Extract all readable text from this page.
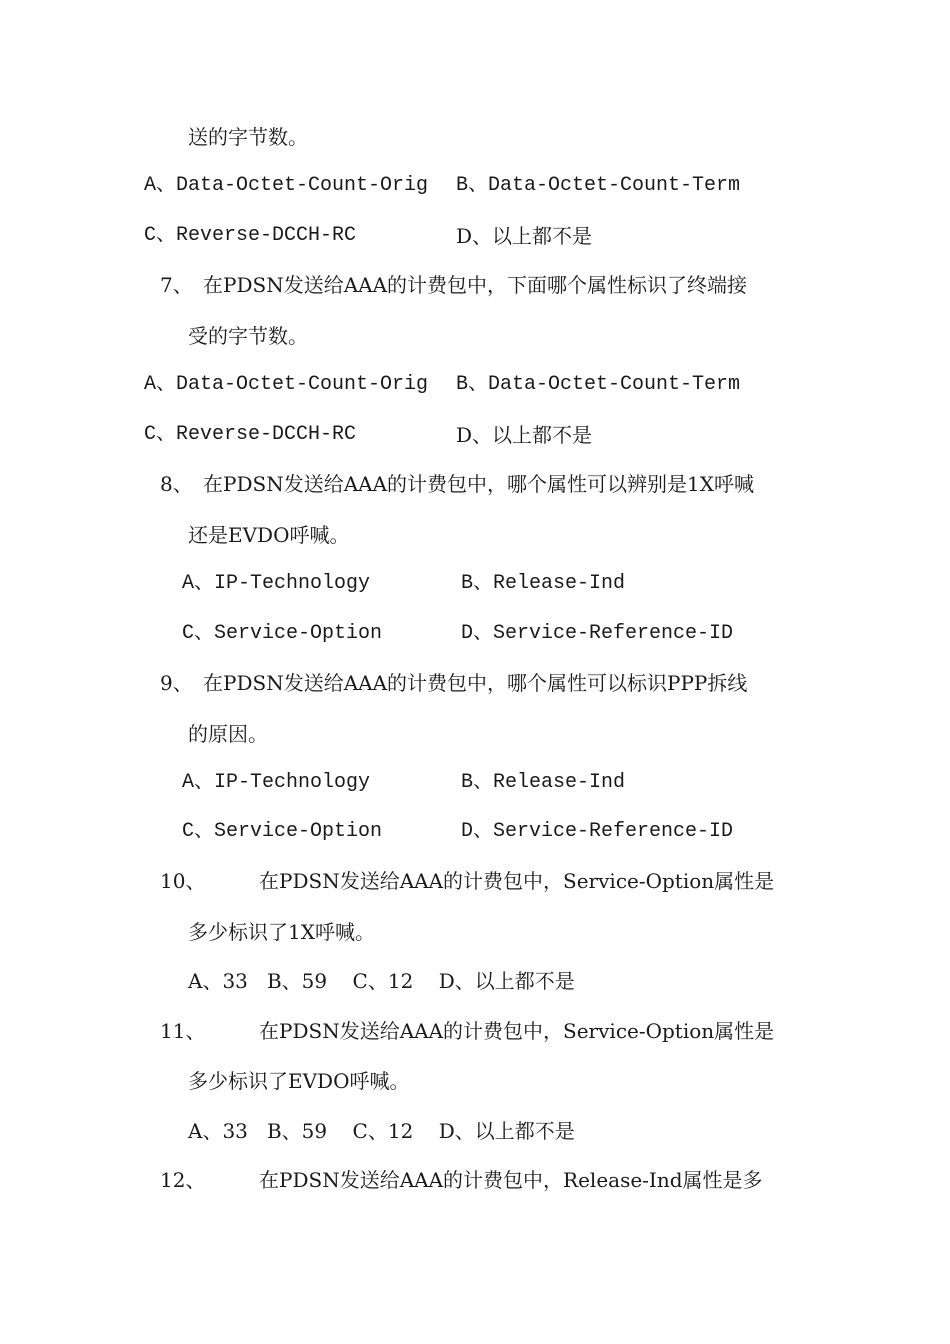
送的字节数。
A、Data-Octet-Count-Orig B、Data-Octet-Count-Term
C、Reverse-DCCH-RC	D、以上都不是
7、 在PDSN发送给AAA的计费包中，下面哪个属性标识了终端接
受的字节数。
A、Data-Octet-Count-Orig B、Data-Octet-Count-Term
C、Reverse-DCCH-RC	D、以上都不是
8、 在PDSN发送给AAA的计费包中，哪个属性可以辨别是1X呼喊
还是EVDO呼喊。
A、IP-Technology	B、Release-Ind
C、Service-Option	D、Service-Reference-ID
9、 在PDSN发送给AAA的计费包中，哪个属性可以标识PPP拆线
的原因。
A、IP-Technology	B、Release-Ind
C、Service-Option	D、Service-Reference-ID
10、	在PDSN发送给AAA的计费包中，Service-Option属性是
多少标识了1X呼喊。
A、33   B、59    C、12    D、以上都不是
11、	在PDSN发送给AAA的计费包中，Service-Option属性是
多少标识了EVDO呼喊。
A、33   B、59    C、12    D、以上都不是
12、	在PDSN发送给AAA的计费包中，Release-Ind属性是多
